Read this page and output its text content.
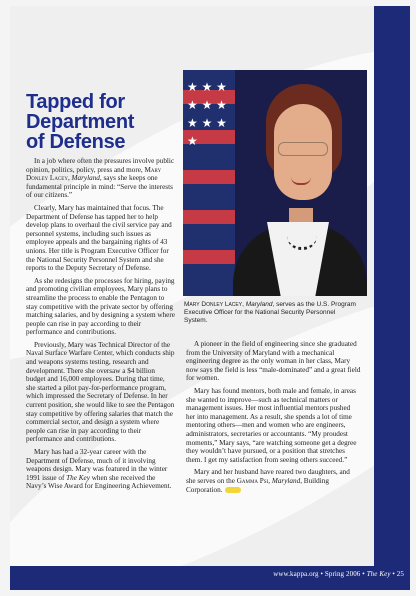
★ ★ ★ ★ ★ ★ ★ ★ ★ ★
Tapped for
Department
of Defense

In a job where often the pressures involve public opinion, politics, policy, press and more, Mary Donley Lacey, Maryland, says she keeps one fundamental principle in mind: “Serve the interests of our citizens.”

Clearly, Mary has maintained that focus. The Department of Defense has tapped her to help develop plans to overhaul the civil service pay and personnel systems, including such issues as employee appeals and the bargaining rights of 43 unions. Her title is Program Executive Officer for the National Security Personnel System and she reports to the Deputy Secretary of Defense.

As she redesigns the processes for hiring, paying and promoting civilian employees, Mary plans to streamline the process to enable the Pentagon to stay competitive with the private sector by offering matching salaries, and by designing a system where people can rise in pay according to their performance and contributions.

Previously, Mary was Technical Director of the Naval Surface Warfare Center, which conducts ship and weapons systems testing, research and development. There she oversaw a $4 billion budget and 16,000 employees. During that time, she started a pilot pay-for-performance program, which impressed the Secretary of Defense. In her current position, she would like to see the Pentagon stay competitive by offering salaries that match the commercial sector, and design a system where people can rise in pay according to their performance and contributions.

Mary has had a 32-year career with the Department of Defense, much of it involving weapons design. Mary was featured in the winter 1991 issue of The Key when she received the Navy’s Wise Award for Engineering Achievement.

Mary Donley Lacey, Maryland, serves as the U.S. Program Executive Officer for the National Security Personnel System.

A pioneer in the field of engineering since she graduated from the University of Maryland with a mechanical engineering degree as the only woman in her class, Mary now says the field is less “male-dominated” and a great field for women.

Mary has found mentors, both male and female, in areas she wanted to improve—such as technical matters or management issues. Her most influential mentors pushed her into management. As a result, she spends a lot of time mentoring others—men and women who are engineers, administrators, secretaries or accountants. “My proudest moments,” Mary says, “are watching someone get a degree they wouldn’t have pursued, or a position that stretches them. I get my satisfaction from seeing others succeed.”

Mary and her husband have reared two daughters, and she serves on the Gamma Psi, Maryland, Building Corporation.

www.kappa.org • Spring 2006 • The Key • 25
